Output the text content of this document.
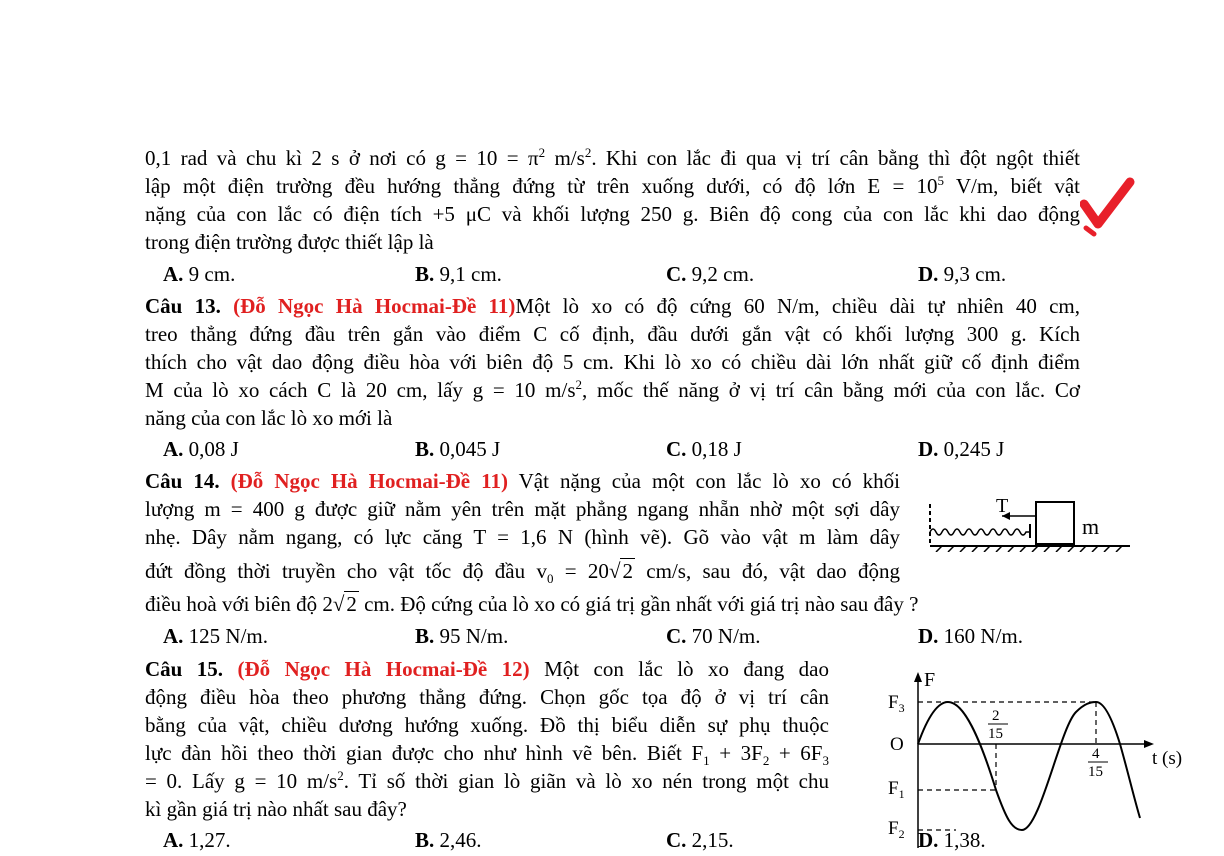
0,1 rad và chu kì 2 s ở nơi có $g = 10 = \pi^2$ $m/s^2$. Khi con lắc đi qua vị trí cân bằng thì đột ngột thiết
lập một điện trường đều hướng thẳng đứng từ trên xuống dưới, có độ lớn $E = 10^5$ V/m, biết vật
nặng của con lắc có điện tích +5 μC và khối lượng 250 g. Biên độ cong của con lắc khi dao động
trong điện trường được thiết lập là
A. 9 cm.	B. 9,1 cm.	C. 9,2 cm.	D. 9,3 cm.
Câu 13. (Đỗ Ngọc Hà Hocmai-Đề 11)Một lò xo có độ cứng 60 N/m, chiều dài tự nhiên 40 cm,
treo thẳng đứng đầu trên gắn vào điểm C cố định, đầu dưới gắn vật có khối lượng 300 g. Kích
thích cho vật dao động điều hòa với biên độ 5 cm. Khi lò xo có chiều dài lớn nhất giữ cố định điểm
M của lò xo cách C là 20 cm, lấy g = 10 $m/s^2$, mốc thế năng ở vị trí cân bằng mới của con lắc. Cơ
năng của con lắc lò xo mới là
A. 0,08 J	B. 0,045 J	C. 0,18 J	D. 0,245 J
Câu 14. (Đỗ Ngọc Hà Hocmai-Đề 11) Vật nặng của một con lắc lò xo có khối
lượng m = 400 g được giữ nằm yên trên mặt phẳng ngang nhẵn nhờ một sợi dây
nhẹ. Dây nằm ngang, có lực căng T = 1,6 N (hình vẽ). Gõ vào vật m làm dây
đứt đồng thời truyền cho vật tốc độ đầu $v_0 = 20√2$ cm/s, sau đó, vật dao động
điều hoà với biên độ 2√2 cm. Độ cứng của lò xo có giá trị gần nhất với giá trị nào sau đây ?
T
m
A. 125 N/m.	B. 95 N/m.	C. 70 N/m.	D. 160 N/m.
Câu 15. (Đỗ Ngọc Hà Hocmai-Đề 12) Một con lắc lò xo đang dao
động điều hòa theo phương thẳng đứng. Chọn gốc tọa độ ở vị trí cân
bằng của vật, chiều dương hướng xuống. Đồ thị biểu diễn sự phụ thuộc
lực đàn hồi theo thời gian được cho như hình vẽ bên. Biết $F_1 + 3F_2 + 6F_3$
= 0. Lấy g = 10 $m/s^2$. Tỉ số thời gian lò giãn và lò xo nén trong một chu
kì gần giá trị nào nhất sau đây?
F
$F_3$
O
$F_1$
$F_2$
t (s)
2
15
4
15
A. 1,27.	B. 2,46.	C. 2,15.	D. 1,38.
